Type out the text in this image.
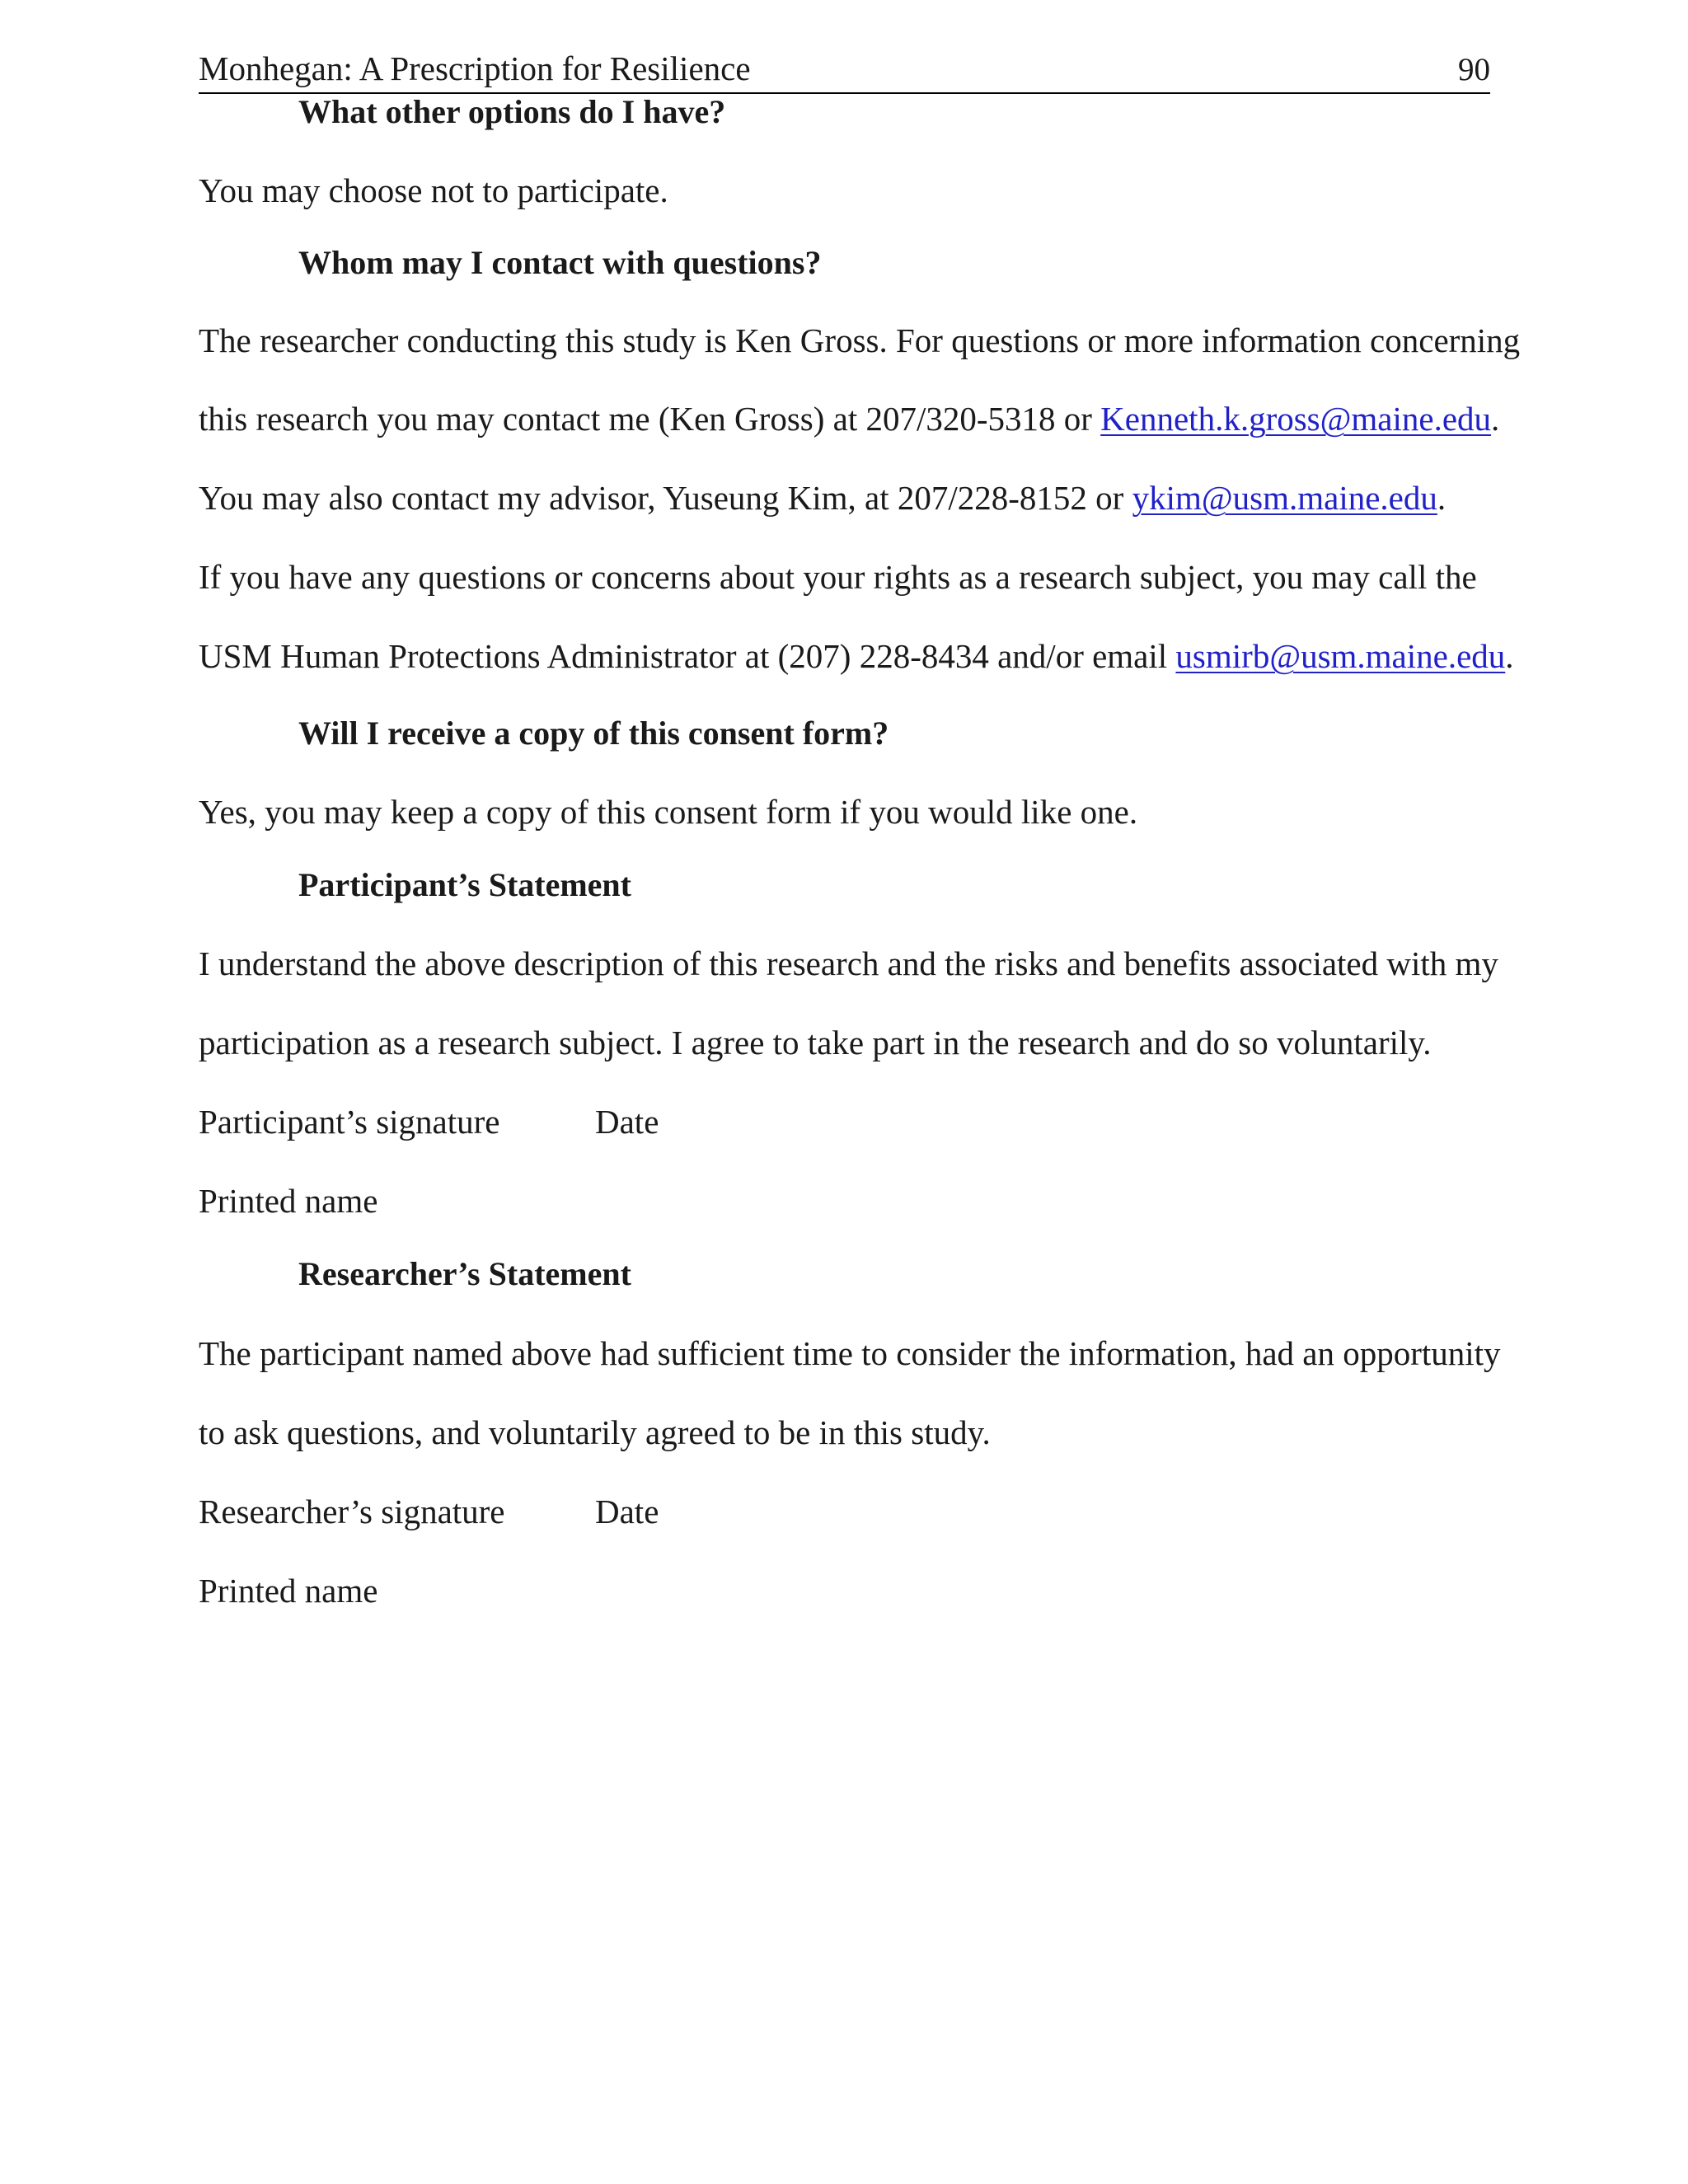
Monhegan: A Prescription for Resilience	90
What other options do I have?
You may choose not to participate.
Whom may I contact with questions?
The researcher conducting this study is Ken Gross. For questions or more information concerning
this research you may contact me (Ken Gross) at 207/320-5318 or Kenneth.k.gross@maine.edu.
You may also contact my advisor, Yuseung Kim, at 207/228-8152 or ykim@usm.maine.edu.
If you have any questions or concerns about your rights as a research subject, you may call the
USM Human Protections Administrator at (207) 228-8434 and/or email usmirb@usm.maine.edu.
Will I receive a copy of this consent form?
Yes, you may keep a copy of this consent form if you would like one.
Participant’s Statement
I understand the above description of this research and the risks and benefits associated with my
participation as a research subject. I agree to take part in the research and do so voluntarily.
Participant’s signature	Date
Printed name
Researcher’s Statement
The participant named above had sufficient time to consider the information, had an opportunity
to ask questions, and voluntarily agreed to be in this study.
Researcher’s signature	Date
Printed name
